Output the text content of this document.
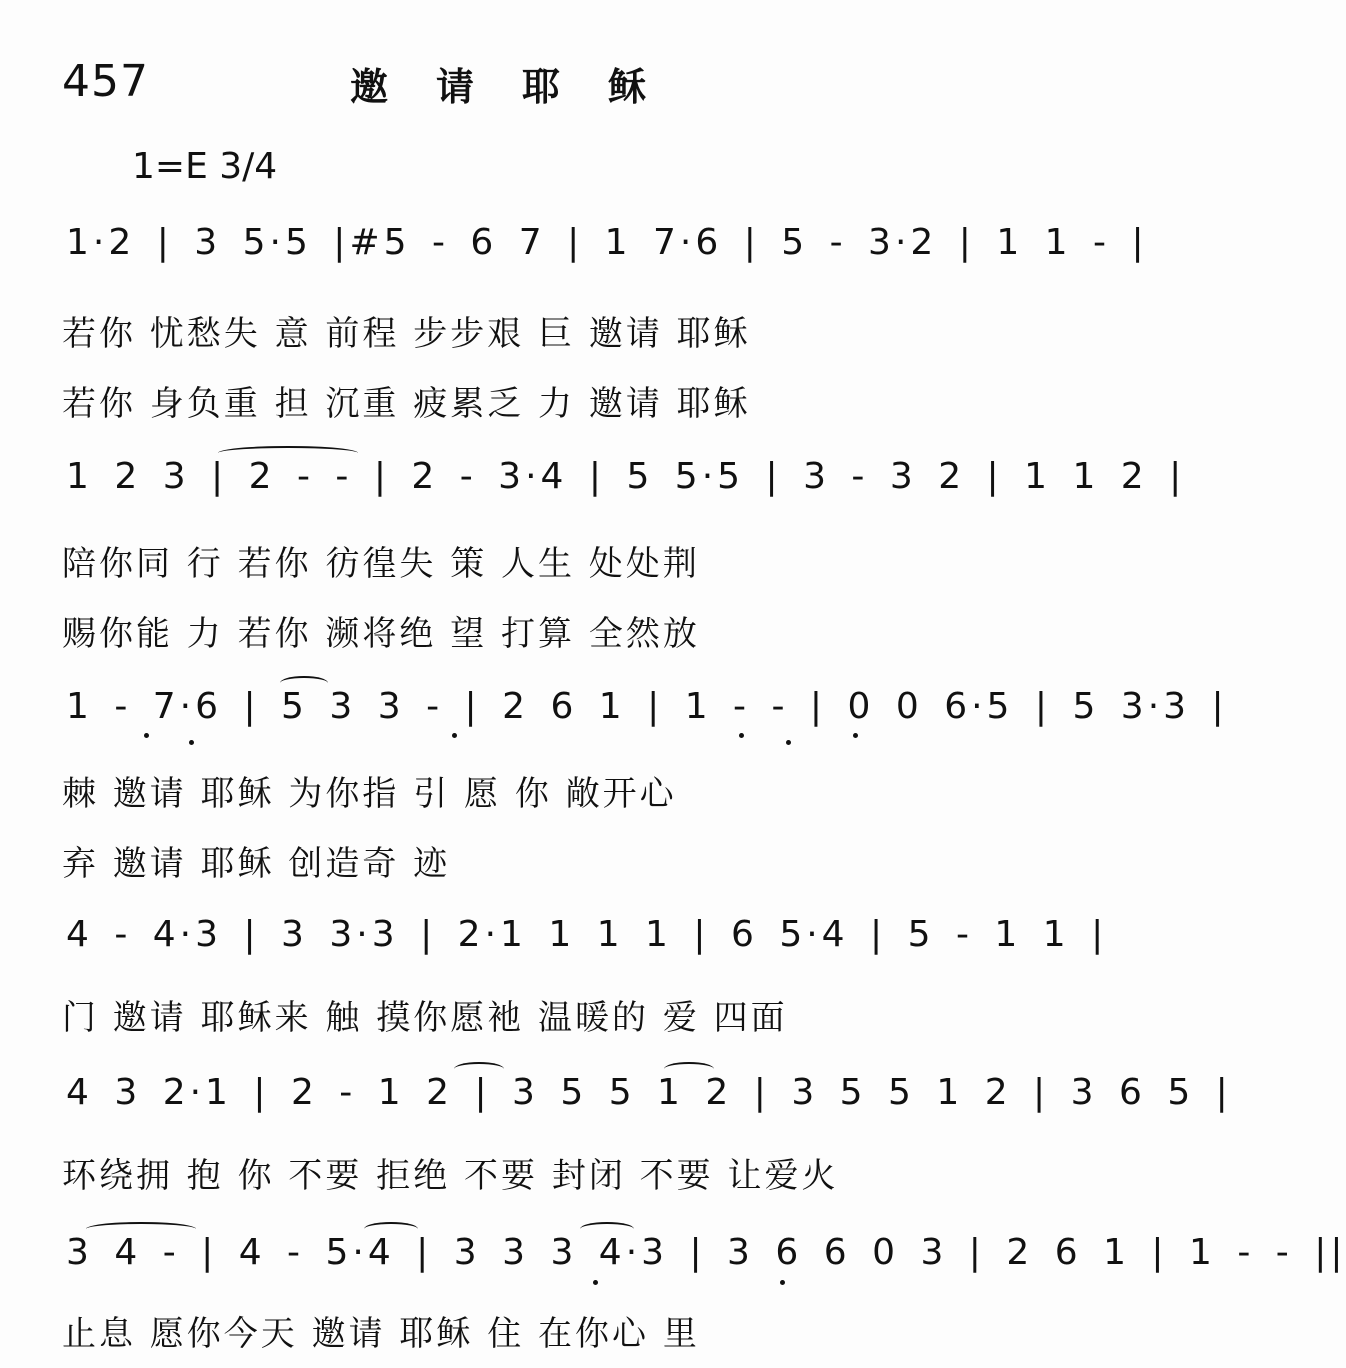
457	邀请耶稣
1=E 3/4
1·2 | 3 5·5 |#5 - 6 7 | 1 7·6 | 5 - 3·2 | 1 1 - |
若你 忧愁失 意 前程 步步艰 巨 邀请 耶稣
若你 身负重 担 沉重 疲累乏 力 邀请 耶稣
1 2 3 | 2 - - | 2 - 3·4 | 5 5·5 | 3 - 3 2 | 1 1 2 |
陪你同 行 若你 彷徨失 策 人生 处处荆
赐你能 力 若你 濒将绝 望 打算 全然放
1 - 7·6 | 5 3 3 - | 2 6 1 | 1 - - | 0 0 6·5 | 5 3·3 |
棘 邀请 耶稣 为你指 引 愿 你 敞开心
弃 邀请 耶稣 创造奇 迹
4 - 4·3 | 3 3·3 | 2·1 1 1 1 | 6 5·4 | 5 - 1 1 |
门 邀请 耶稣来 触 摸你愿衪 温暖的 爱 四面
4 3 2·1 | 2 - 1 2 | 3 5 5 1 2 | 3 5 5 1 2 | 3 6 5 |
环绕拥 抱 你 不要 拒绝 不要 封闭 不要 让爱火
3 4 - | 4 - 5·4 | 3 3 3 4·3 | 3 6 6 0 3 | 2 6 1 | 1 - - ||
止息 愿你今天 邀请 耶稣 住 在你心 里
